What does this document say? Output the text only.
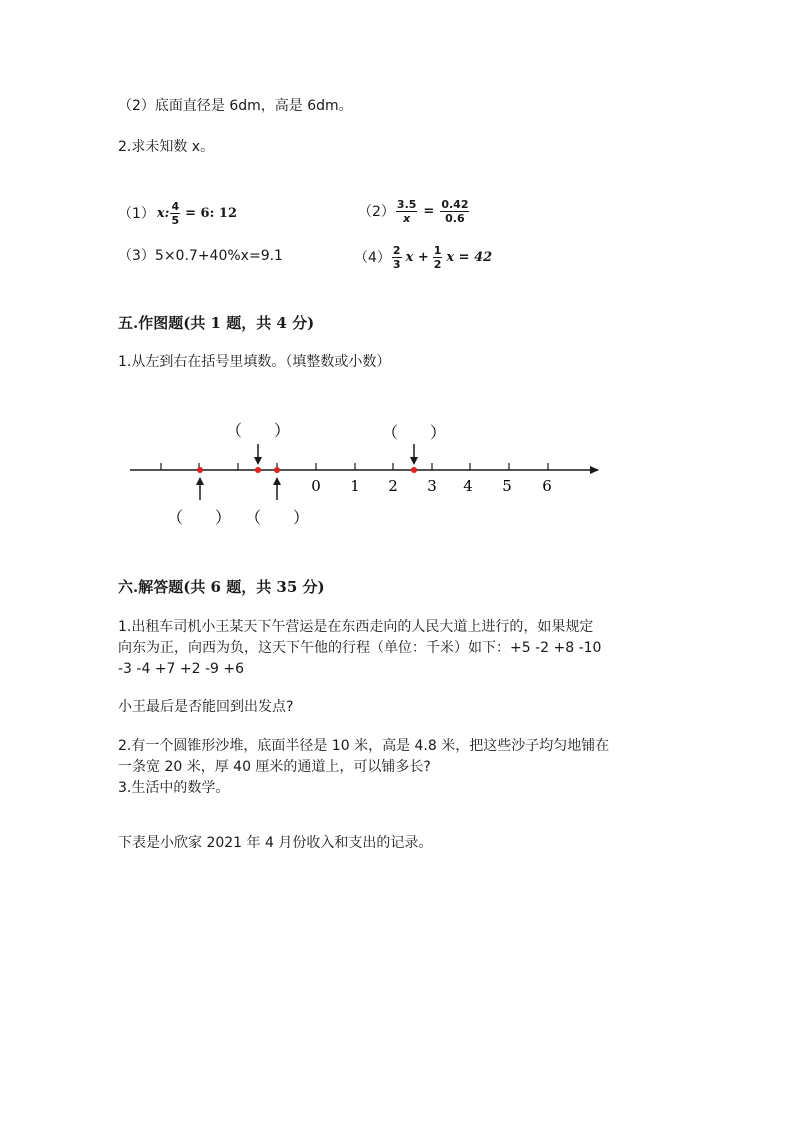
（2）底面直径是 6dm，高是 6dm。
2.求未知数 x。
（1） x: $\frac{4}{5} = 6$: 12	$(2) \frac{3.5}{x} = \frac{0.42}{0.6}$
（3）5×0.7+40%x=9.1	$(4) \frac{2}{3}$ $x + \frac{1}{2}$ x = 42
五.作图题(共 1 题，共 4 分)
1.从左到右在括号里填数。（填整数或小数）
0 1 2 3 4 5 6
（　　）	（　　）
（　　） （　　）
六.解答题(共 6 题，共 35 分)
1.出租车司机小王某天下午营运是在东西走向的人民大道上进行的，如果规定
向东为正，向西为负，这天下午他的行程（单位：千米）如下：+5 -2 +8 -10
-3 -4 +7 +2 -9 +6
小王最后是否能回到出发点?
2.有一个圆锥形沙堆，底面半径是 10 米，高是 4.8 米，把这些沙子均匀地铺在
一条宽 20 米，厚 40 厘米的通道上，可以铺多长?
3.生活中的数学。
下表是小欣家 2021 年 4 月份收入和支出的记录。
